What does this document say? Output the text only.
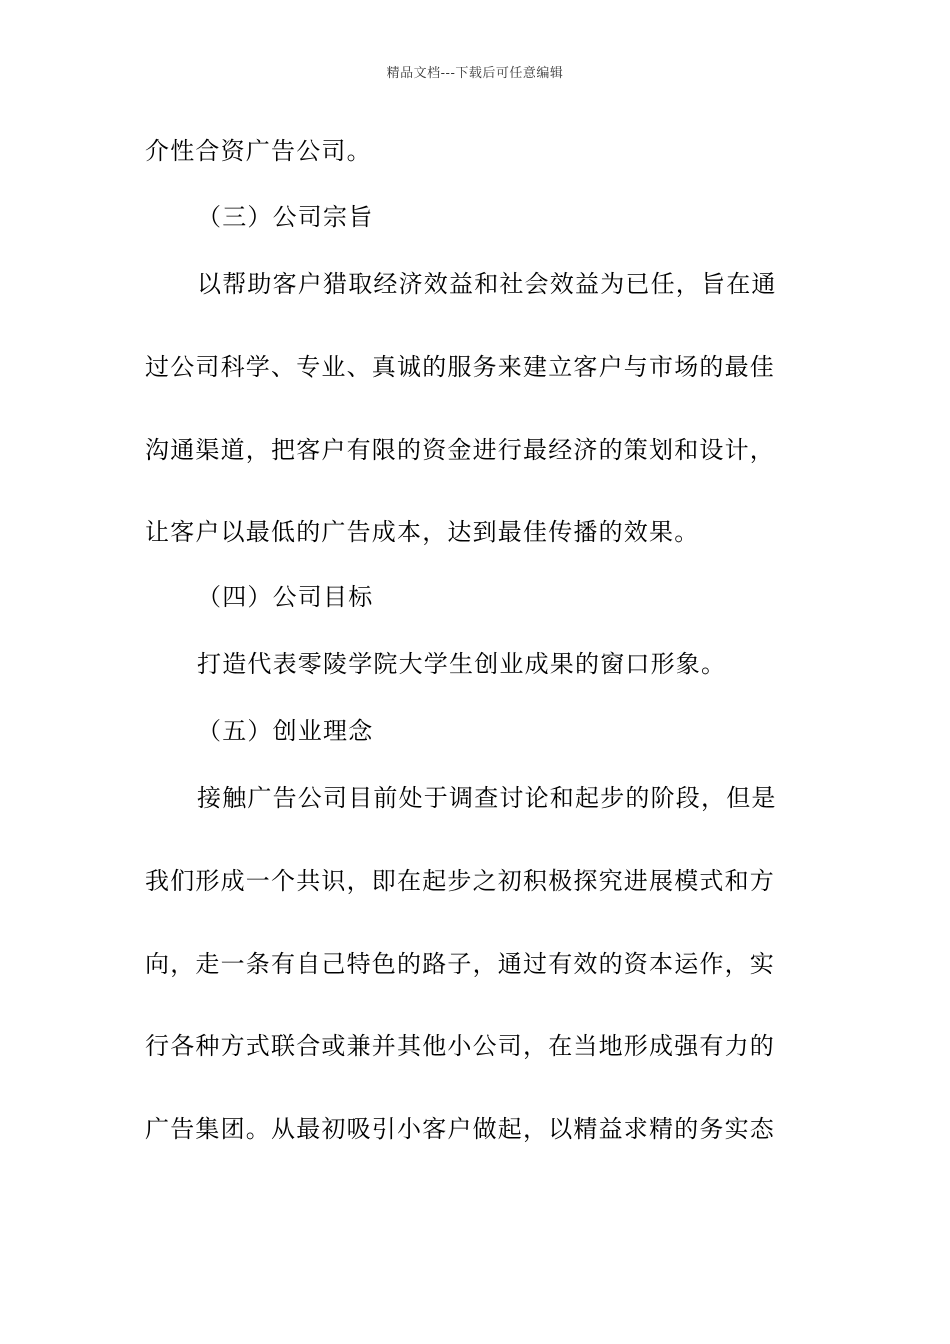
精品文档---下载后可任意编辑
介性合资广告公司。
（三）公司宗旨
以帮助客户猎取经济效益和社会效益为已任，旨在通
过公司科学、专业、真诚的服务来建立客户与市场的最佳
沟通渠道，把客户有限的资金进行最经济的策划和设计，
让客户以最低的广告成本，达到最佳传播的效果。
（四）公司目标
打造代表零陵学院大学生创业成果的窗口形象。
（五）创业理念
接触广告公司目前处于调查讨论和起步的阶段，但是
我们形成一个共识，即在起步之初积极探究进展模式和方
向，走一条有自己特色的路子，通过有效的资本运作，实
行各种方式联合或兼并其他小公司，在当地形成强有力的
广告集团。从最初吸引小客户做起，以精益求精的务实态
